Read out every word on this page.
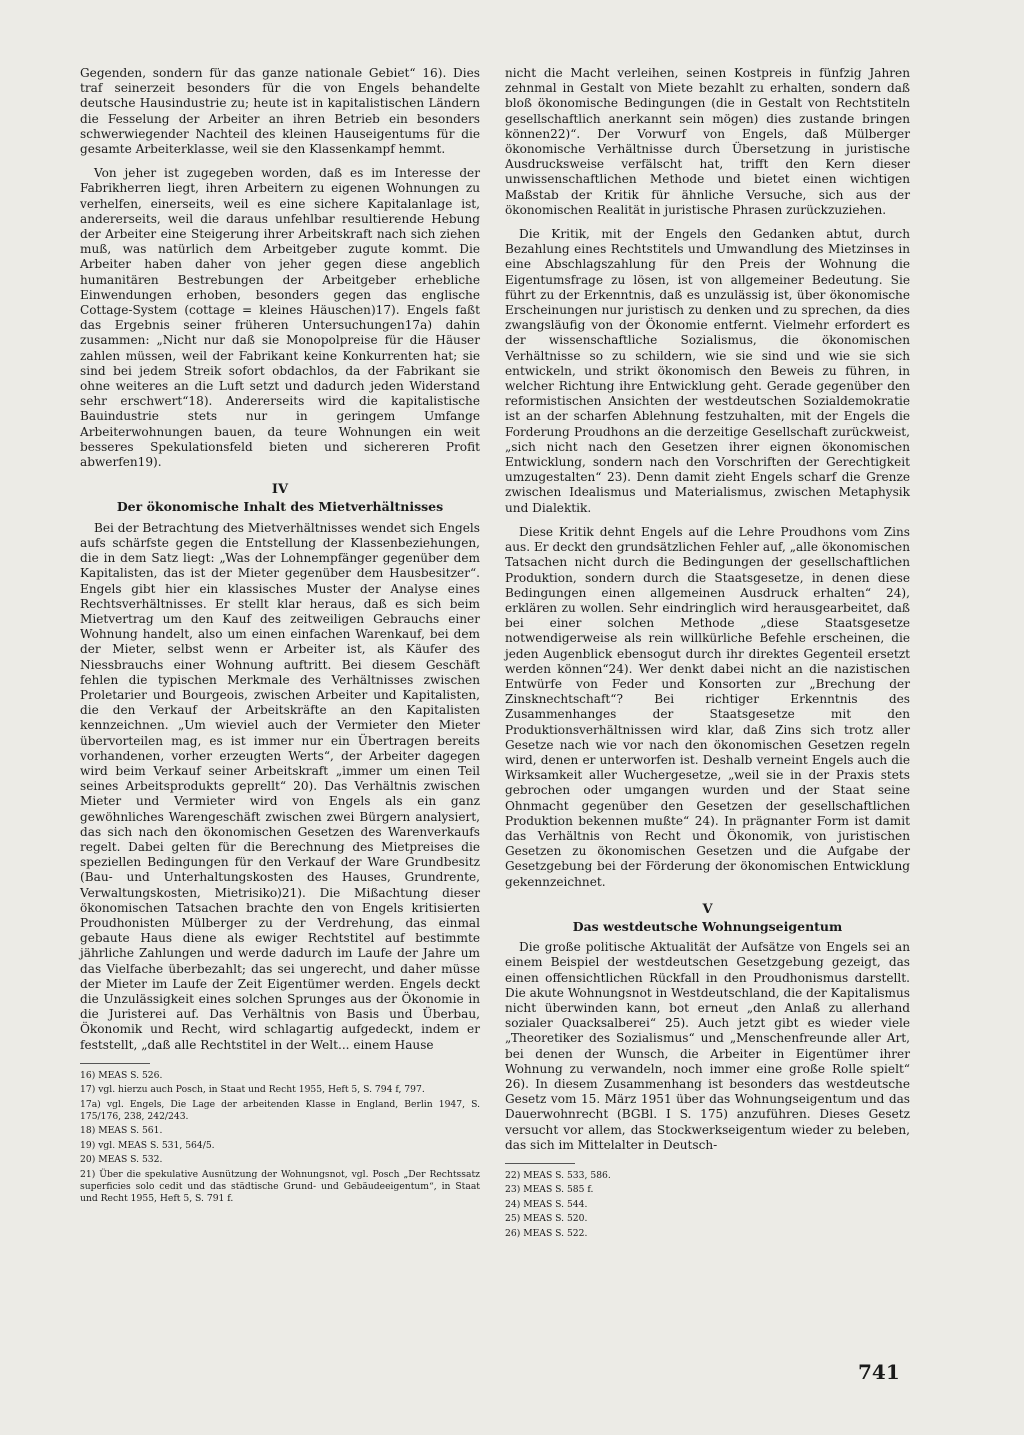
Gegenden, sondern für das ganze nationale Gebiet“ 16). Dies traf seinerzeit besonders für die von Engels behandelte deutsche Hausindustrie zu; heute ist in kapitalistischen Ländern die Fesselung der Arbeiter an ihren Betrieb ein besonders schwerwiegender Nachteil des kleinen Hauseigentums für die gesamte Arbeiterklasse, weil sie den Klassenkampf hemmt.

Von jeher ist zugegeben worden, daß es im Interesse der Fabrikherren liegt, ihren Arbeitern zu eigenen Wohnungen zu verhelfen, einerseits, weil es eine sichere Kapitalanlage ist, andererseits, weil die daraus unfehlbar resultierende Hebung der Arbeiter eine Steigerung ihrer Arbeitskraft nach sich ziehen muß, was natürlich dem Arbeitgeber zugute kommt. Die Arbeiter haben daher von jeher gegen diese angeblich humanitären Bestrebungen der Arbeitgeber erhebliche Einwendungen erhoben, besonders gegen das englische Cottage-System (cottage = kleines Häuschen)17). Engels faßt das Ergebnis seiner früheren Untersuchungen17a) dahin zusammen: „Nicht nur daß sie Monopolpreise für die Häuser zahlen müssen, weil der Fabrikant keine Konkurrenten hat; sie sind bei jedem Streik sofort obdachlos, da der Fabrikant sie ohne weiteres an die Luft setzt und dadurch jeden Widerstand sehr erschwert“18). Andererseits wird die kapitalistische Bauindustrie stets nur in geringem Umfange Arbeiterwohnungen bauen, da teure Wohnungen ein weit besseres Spekulationsfeld bieten und sichereren Profit abwerfen19).

IV
Der ökonomische Inhalt des Mietverhältnisses

Bei der Betrachtung des Mietverhältnisses wendet sich Engels aufs schärfste gegen die Entstellung der Klassenbeziehungen, die in dem Satz liegt: „Was der Lohnempfänger gegenüber dem Kapitalisten, das ist der Mieter gegenüber dem Hausbesitzer“. Engels gibt hier ein klassisches Muster der Analyse eines Rechtsverhältnisses. Er stellt klar heraus, daß es sich beim Mietvertrag um den Kauf des zeitweiligen Gebrauchs einer Wohnung handelt, also um einen einfachen Warenkauf, bei dem der Mieter, selbst wenn er Arbeiter ist, als Käufer des Niessbrauchs einer Wohnung auftritt. Bei diesem Geschäft fehlen die typischen Merkmale des Verhältnisses zwischen Proletarier und Bourgeois, zwischen Arbeiter und Kapitalisten, die den Verkauf der Arbeitskräfte an den Kapitalisten kennzeichnen. „Um wieviel auch der Vermieter den Mieter übervorteilen mag, es ist immer nur ein Übertragen bereits vorhandenen, vorher erzeugten Werts“, der Arbeiter dagegen wird beim Verkauf seiner Arbeitskraft „immer um einen Teil seines Arbeitsprodukts geprellt“ 20). Das Verhältnis zwischen Mieter und Vermieter wird von Engels als ein ganz gewöhnliches Warengeschäft zwischen zwei Bürgern analysiert, das sich nach den ökonomischen Gesetzen des Warenverkaufs regelt. Dabei gelten für die Berechnung des Mietpreises die speziellen Bedingungen für den Verkauf der Ware Grundbesitz (Bau- und Unterhaltungskosten des Hauses, Grundrente, Verwaltungskosten, Mietrisiko)21). Die Mißachtung dieser ökonomischen Tatsachen brachte den von Engels kritisierten Proudhonisten Mülberger zu der Verdrehung, das einmal gebaute Haus diene als ewiger Rechtstitel auf bestimmte jährliche Zahlungen und werde dadurch im Laufe der Jahre um das Vielfache überbezahlt; das sei ungerecht, und daher müsse der Mieter im Laufe der Zeit Eigentümer werden. Engels deckt die Unzulässigkeit eines solchen Sprunges aus der Ökonomie in die Juristerei auf. Das Verhältnis von Basis und Überbau, Ökonomik und Recht, wird schlagartig aufgedeckt, indem er feststellt, „daß alle Rechtstitel in der Welt... einem Hause

16) MEAS S. 526.
17) vgl. hierzu auch Posch, in Staat und Recht 1955, Heft 5, S. 794 f, 797.
17a) vgl. Engels, Die Lage der arbeitenden Klasse in England, Berlin 1947, S. 175/176, 238, 242/243.
18) MEAS S. 561.
19) vgl. MEAS S. 531, 564/5.
20) MEAS S. 532.
21) Über die spekulative Ausnützung der Wohnungsnot, vgl. Posch „Der Rechtssatz superficies solo cedit und das städtische Grund- und Gebäudeeigentum“, in Staat und Recht 1955, Heft 5, S. 791 f.

nicht die Macht verleihen, seinen Kostpreis in fünfzig Jahren zehnmal in Gestalt von Miete bezahlt zu erhalten, sondern daß bloß ökonomische Bedingungen (die in Gestalt von Rechtstiteln gesellschaftlich anerkannt sein mögen) dies zustande bringen können22)“. Der Vorwurf von Engels, daß Mülberger ökonomische Verhältnisse durch Übersetzung in juristische Ausdrucksweise verfälscht hat, trifft den Kern dieser unwissenschaftlichen Methode und bietet einen wichtigen Maßstab der Kritik für ähnliche Versuche, sich aus der ökonomischen Realität in juristische Phrasen zurückzuziehen.

Die Kritik, mit der Engels den Gedanken abtut, durch Bezahlung eines Rechtstitels und Umwandlung des Mietzinses in eine Abschlagszahlung für den Preis der Wohnung die Eigentumsfrage zu lösen, ist von allgemeiner Bedeutung. Sie führt zu der Erkenntnis, daß es unzulässig ist, über ökonomische Erscheinungen nur juristisch zu denken und zu sprechen, da dies zwangsläufig von der Ökonomie entfernt. Vielmehr erfordert es der wissenschaftliche Sozialismus, die ökonomischen Verhältnisse so zu schildern, wie sie sind und wie sie sich entwickeln, und strikt ökonomisch den Beweis zu führen, in welcher Richtung ihre Entwicklung geht. Gerade gegenüber den reformistischen Ansichten der westdeutschen Sozialdemokratie ist an der scharfen Ablehnung festzuhalten, mit der Engels die Forderung Proudhons an die derzeitige Gesellschaft zurückweist, „sich nicht nach den Gesetzen ihrer eignen ökonomischen Entwicklung, sondern nach den Vorschriften der Gerechtigkeit umzugestalten“ 23). Denn damit zieht Engels scharf die Grenze zwischen Idealismus und Materialismus, zwischen Metaphysik und Dialektik.

Diese Kritik dehnt Engels auf die Lehre Proudhons vom Zins aus. Er deckt den grundsätzlichen Fehler auf, „alle ökonomischen Tatsachen nicht durch die Bedingungen der gesellschaftlichen Produktion, sondern durch die Staatsgesetze, in denen diese Bedingungen einen allgemeinen Ausdruck erhalten“ 24), erklären zu wollen. Sehr eindringlich wird herausgearbeitet, daß bei einer solchen Methode „diese Staatsgesetze notwendigerweise als rein willkürliche Befehle erscheinen, die jeden Augenblick ebensogut durch ihr direktes Gegenteil ersetzt werden können“24). Wer denkt dabei nicht an die nazistischen Entwürfe von Feder und Konsorten zur „Brechung der Zinsknechtschaft“? Bei richtiger Erkenntnis des Zusammenhanges der Staatsgesetze mit den Produktionsverhältnissen wird klar, daß Zins sich trotz aller Gesetze nach wie vor nach den ökonomischen Gesetzen regeln wird, denen er unterworfen ist. Deshalb verneint Engels auch die Wirksamkeit aller Wuchergesetze, „weil sie in der Praxis stets gebrochen oder umgangen wurden und der Staat seine Ohnmacht gegenüber den Gesetzen der gesellschaftlichen Produktion bekennen mußte“ 24). In prägnanter Form ist damit das Verhältnis von Recht und Ökonomik, von juristischen Gesetzen zu ökonomischen Gesetzen und die Aufgabe der Gesetzgebung bei der Förderung der ökonomischen Entwicklung gekennzeichnet.

V
Das westdeutsche Wohnungseigentum

Die große politische Aktualität der Aufsätze von Engels sei an einem Beispiel der westdeutschen Gesetzgebung gezeigt, das einen offensichtlichen Rückfall in den Proudhonismus darstellt. Die akute Wohnungsnot in Westdeutschland, die der Kapitalismus nicht überwinden kann, bot erneut „den Anlaß zu allerhand sozialer Quacksalberei“ 25). Auch jetzt gibt es wieder viele „Theoretiker des Sozialismus“ und „Menschenfreunde aller Art, bei denen der Wunsch, die Arbeiter in Eigentümer ihrer Wohnung zu verwandeln, noch immer eine große Rolle spielt“ 26). In diesem Zusammenhang ist besonders das westdeutsche Gesetz vom 15. März 1951 über das Wohnungseigentum und das Dauerwohnrecht (BGBl. I S. 175) anzuführen. Dieses Gesetz versucht vor allem, das Stockwerkseigentum wieder zu beleben, das sich im Mittelalter in Deutsch-

22) MEAS S. 533, 586.
23) MEAS S. 585 f.
24) MEAS S. 544.
25) MEAS S. 520.
26) MEAS S. 522.
741
